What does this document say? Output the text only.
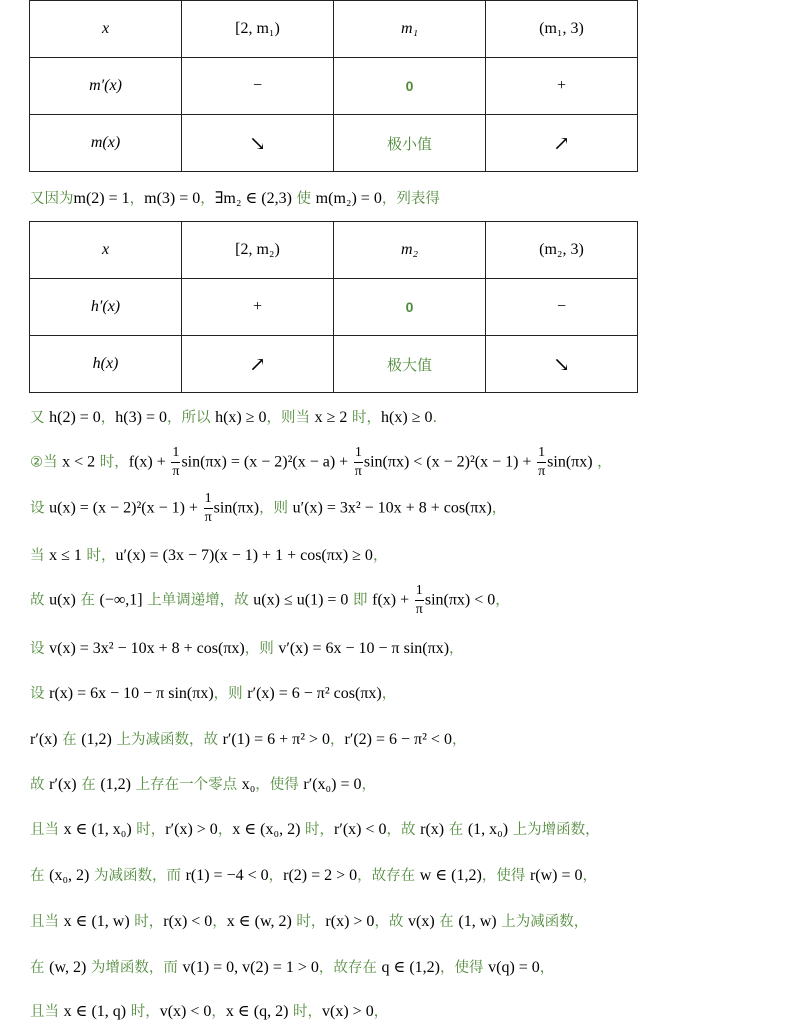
x	[2, m₁)	m₁	(m₁, 3)
m′(x)	−	0	+
m(x)	↘	极小值	↗
又因为m(2) = 1，m(3) = 0，∃m₂ ∈ (2,3) 使 m(m₂) = 0，列表得
x	[2, m₂)	m₂	(m₂, 3)
h′(x)	+	0	−
h(x)	↗	极大值	↘
又 h(2) = 0，h(3) = 0，所以 h(x) ≥ 0，则当 x ≥ 2 时，h(x) ≥ 0.
②当 x < 2 时，$f(x) + \frac{1}{\pi} \sin(\pi x) = (x - 2)^2(x - a) + \frac{1}{\pi} \sin(\pi x) < (x - 2)^2(x - 1) + \frac{1}{\pi} \sin(\pi x)$ ，
设 $u(x) = (x - 2)^2(x - 1) + \frac{1}{\pi} \sin(\pi x)$，则 u′(x) = 3x² − 10x + 8 + cos(πx)，
当 x ≤ 1 时，u′(x) = (3x − 7)(x − 1) + 1 + cos(πx) ≥ 0，
故 u(x) 在 (−∞,1] 上单调递增，故 u(x) ≤ u(1) = 0 即 $f(x) + \frac{1}{\pi} \sin(\pi x) < 0$，
设 v(x) = 3x² − 10x + 8 + cos(πx)，则 v′(x) = 6x − 10 − π sin(πx)，
设 r(x) = 6x − 10 − π sin(πx)，则 r′(x) = 6 − π² cos(πx)，
r′(x) 在 (1,2) 上为减函数，故 r′(1) = 6 + π² > 0，r′(2) = 6 − π² < 0，
故 r′(x) 在 (1,2) 上存在一个零点 x₀，使得 r′(x₀) = 0，
且当 x ∈ (1, x₀) 时，r′(x) > 0，x ∈ (x₀, 2) 时，r′(x) < 0，故 r(x) 在 (1, x₀) 上为增函数，
在 (x₀, 2) 为减函数，而 r(1) = −4 < 0，r(2) = 2 > 0，故存在 w ∈ (1,2)，使得 r(w) = 0，
且当 x ∈ (1, w) 时，r(x) < 0，x ∈ (w, 2) 时，r(x) > 0，故 v(x) 在 (1, w) 上为减函数，
在 (w, 2) 为增函数，而 v(1) = 0, v(2) = 1 > 0，故存在 q ∈ (1,2)，使得 v(q) = 0，
且当 x ∈ (1, q) 时，v(x) < 0，x ∈ (q, 2) 时，v(x) > 0，
